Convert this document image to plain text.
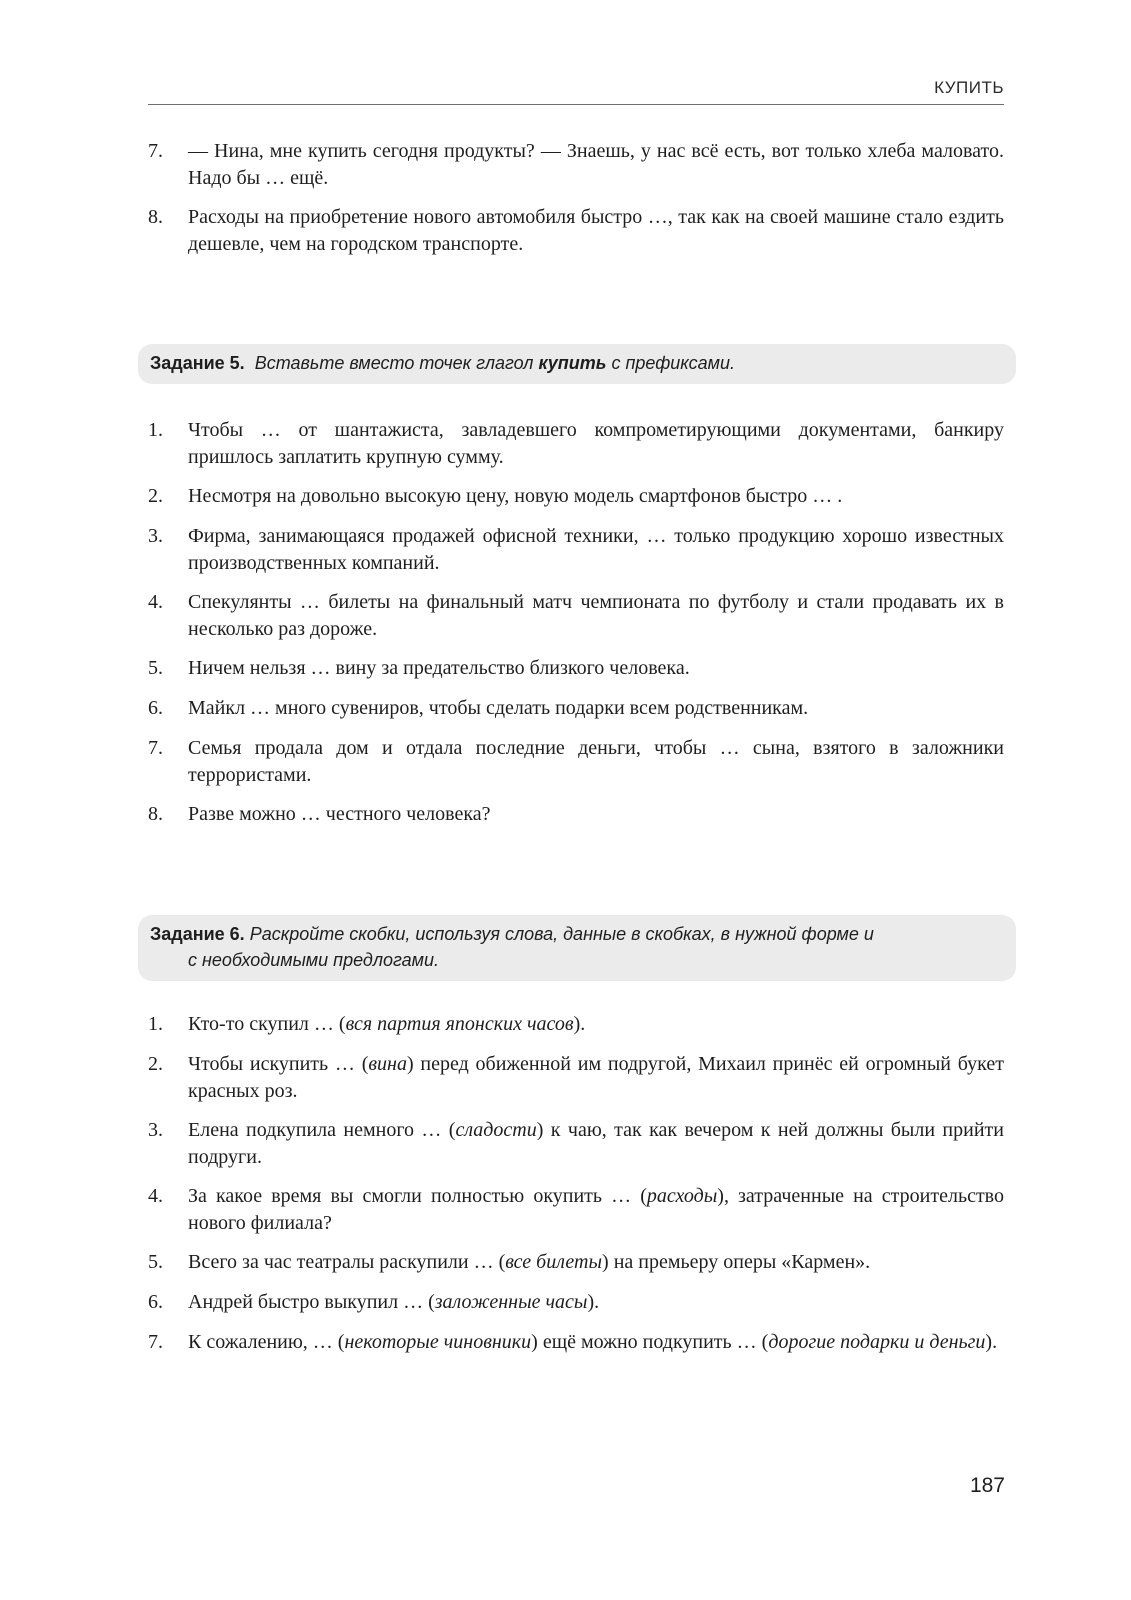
КУПИТЬ
7. — Нина, мне купить сегодня продукты? — Знаешь, у нас всё есть, вот только хлеба маловато. Надо бы … ещё.
8. Расходы на приобретение нового автомобиля быстро …, так как на своей машине стало ездить дешевле, чем на городском транспорте.
Задание 5. Вставьте вместо точек глагол купить с префиксами.
1. Чтобы … от шантажиста, завладевшего компрометирующими документами, банкиру пришлось заплатить крупную сумму.
2. Несмотря на довольно высокую цену, новую модель смартфонов быстро … .
3. Фирма, занимающаяся продажей офисной техники, … только продукцию хорошо известных производственных компаний.
4. Спекулянты … билеты на финальный матч чемпионата по футболу и стали продавать их в несколько раз дороже.
5. Ничем нельзя … вину за предательство близкого человека.
6. Майкл … много сувениров, чтобы сделать подарки всем родственникам.
7. Семья продала дом и отдала последние деньги, чтобы … сына, взятого в заложники террористами.
8. Разве можно … честного человека?
Задание 6. Раскройте скобки, используя слова, данные в скобках, в нужной форме и
с необходимыми предлогами.
1. Кто-то скупил … (вся партия японских часов).
2. Чтобы искупить … (вина) перед обиженной им подругой, Михаил принёс ей огромный букет красных роз.
3. Елена подкупила немного … (сладости) к чаю, так как вечером к ней должны были прийти подруги.
4. За какое время вы смогли полностью окупить … (расходы), затраченные на строительство нового филиала?
5. Всего за час театралы раскупили … (все билеты) на премьеру оперы «Кармен».
6. Андрей быстро выкупил … (заложенные часы).
7. К сожалению, … (некоторые чиновники) ещё можно подкупить … (дорогие подарки и деньги).
187
